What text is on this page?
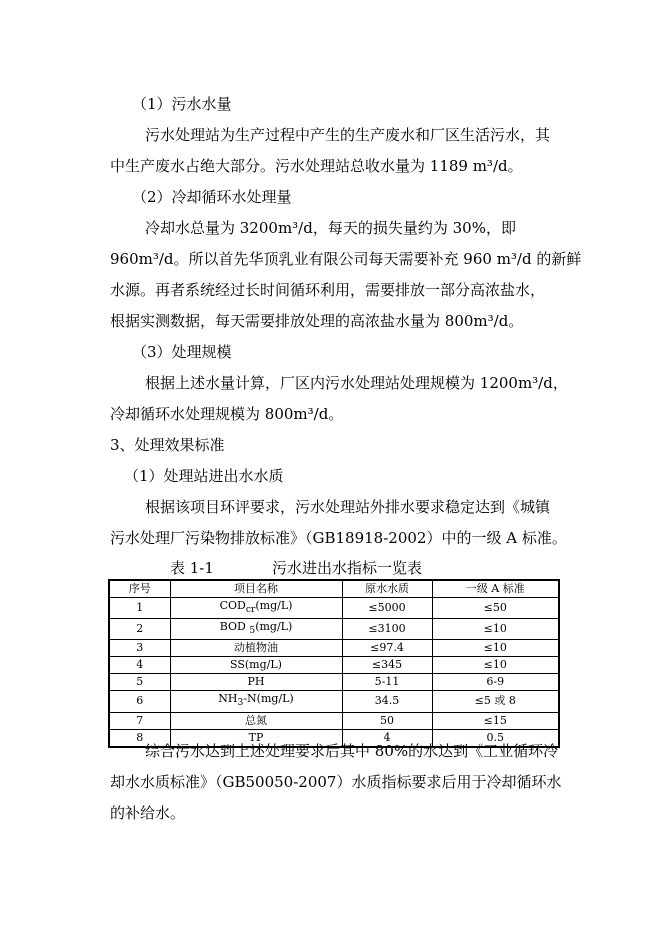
（1）污水水量
污水处理站为生产过程中产生的生产废水和厂区生活污水，其
中生产废水占绝大部分。污水处理站总收水量为 1189 m³/d。
（2）冷却循环水处理量
冷却水总量为 3200m³/d，每天的损失量约为 30%，即
960m³/d。所以首先华顶乳业有限公司每天需要补充 960 m³/d 的新鲜
水源。再者系统经过长时间循环利用，需要排放一部分高浓盐水，
根据实测数据，每天需要排放处理的高浓盐水量为 800m³/d。
（3）处理规模
根据上述水量计算，厂区内污水处理站处理规模为 1200m³/d，
冷却循环水处理规模为 800m³/d。
3、处理效果标准
（1）处理站进出水水质
根据该项目环评要求，污水处理站外排水要求稳定达到《城镇
污水处理厂污染物排放标准》（GB18918-2002）中的一级 A 标准。
表 1-1	污水进出水指标一览表
序号	项目名称	原水水质	一级 A 标准
1	$COD_{cr}(mg/L)$	≤5000	≤50
2	BOD $_5$(mg/L)	≤3100	≤10
3	动植物油	≤97.4	≤10
4	SS(mg/L)	≤345	≤10
5	PH	5-11	6-9
6	$NH_3-N(mg/L)$	34.5	≤5 或 8
7	总氮	50	≤15
8	TP	4	0.5
综合污水达到上述处理要求后其中 80%的水达到《工业循环冷
却水水质标准》（GB50050-2007）水质指标要求后用于冷却循环水
的补给水。
